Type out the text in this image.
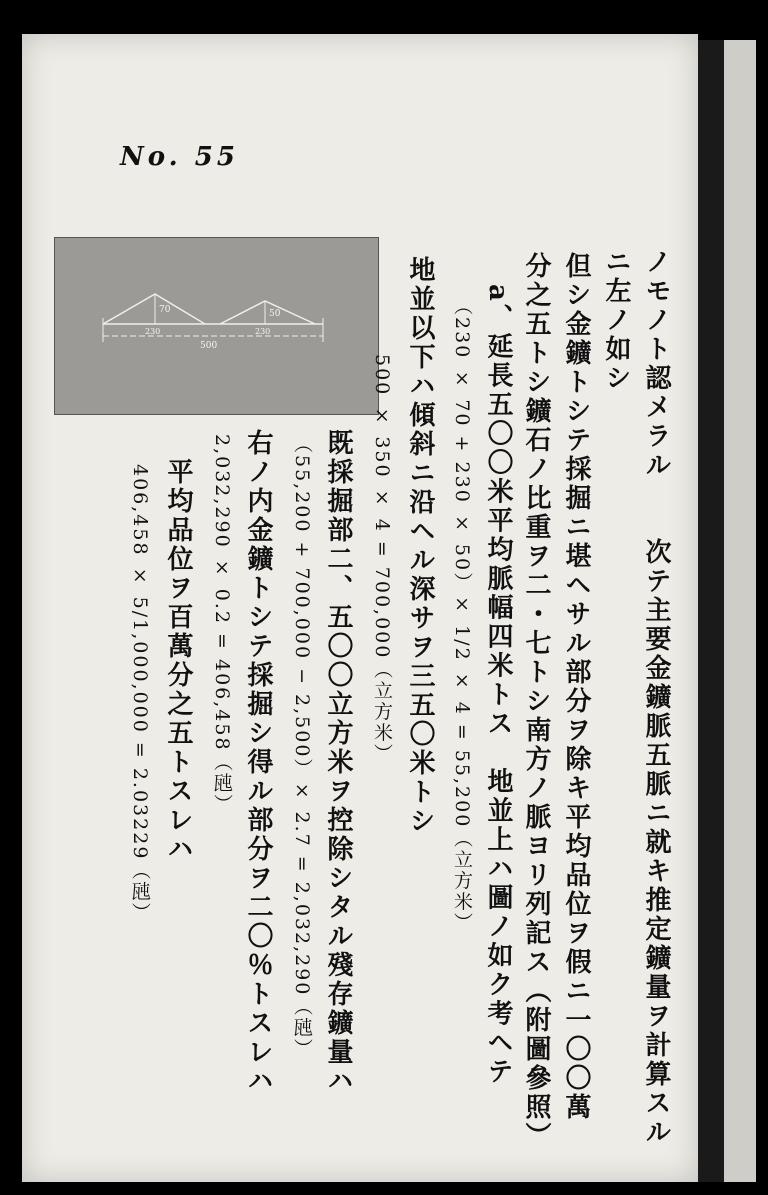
No. 55
70	50
230	230
500	ノモノト認メラル　　次テ主要金鑛脈五脈ニ就キ推定鑛量ヲ計算スル
ニ左ノ如シ
但シ金鑛トシテ採掘ニ堪ヘサル部分ヲ除キ平均品位ヲ假ニ一〇〇萬
分之五トシ鑛石ノ比重ヲ二・七トシ南方ノ脈ヨリ列記ス（附圖參照）
a、延長五〇〇米平均脈幅四米トス　地並上ハ圖ノ如ク考ヘテ
（230 × 70 + 230 × 50）× 1/2 × 4 = 55,200（立方米）
地並以下ハ傾斜ニ沿ヘル深サヲ三五〇米トシ
500 × 350 × 4 = 700,000（立方米）
既採掘部二、五〇〇立方米ヲ控除シタル殘存鑛量ハ
（55,200 + 700,000 − 2,500）× 2.7 = 2,032,290（瓲）
右ノ内金鑛トシテ採掘シ得ル部分ヲ二〇％トスレハ
2,032,290 × 0.2 = 406,458（瓲）
平均品位ヲ百萬分之五トスレハ
406,458 × 5/1,000,000 = 2.03229（瓲）
